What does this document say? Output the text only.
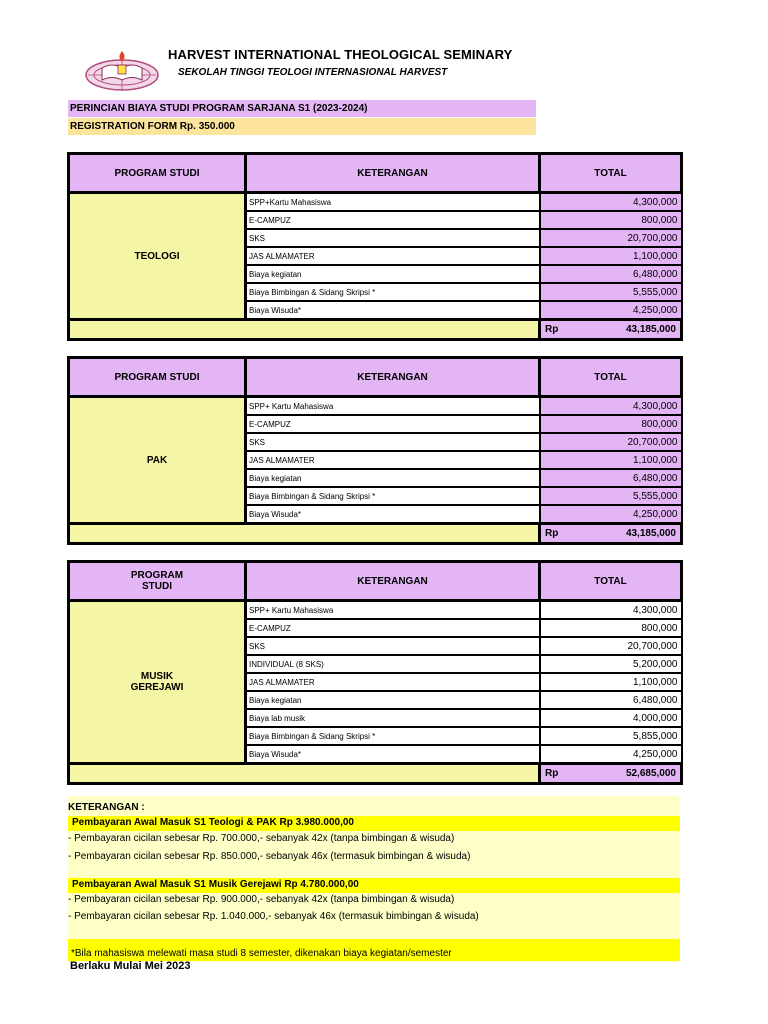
HARVEST INTERNATIONAL THEOLOGICAL SEMINARY
SEKOLAH TINGGI TEOLOGI INTERNASIONAL HARVEST
PERINCIAN BIAYA STUDI PROGRAM SARJANA S1 (2023-2024)
REGISTRATION FORM Rp. 350.000
PROGRAM STUDI	KETERANGAN	TOTAL
TEOLOGI	SPP+Kartu Mahasiswa	4,300,000
	E-CAMPUZ	800,000
	SKS	20,700,000
	JAS ALMAMATER	1,100,000
	Biaya kegiatan	6,480,000
	Biaya Bimbingan & Sidang Skripsi *	5,555,000
	Biaya Wisuda*	4,250,000

		Rp 43,185,000
PROGRAM STUDI	KETERANGAN	TOTAL
PAK	SPP+ Kartu Mahasiswa	4,300,000
	E-CAMPUZ	800,000
	SKS	20,700,000
	JAS ALMAMATER	1,100,000
	Biaya kegiatan	6,480,000
	Biaya Bimbingan & Sidang Skripsi *	5,555,000
	Biaya Wisuda*	4,250,000

		Rp 43,185,000
PROGRAM
STUDI	KETERANGAN	TOTAL

MUSIK
GEREJAWI	SPP+ Kartu Mahasiswa	4,300,000
	E-CAMPUZ	800,000
	SKS	20,700,000
	INDIVIDUAL (8 SKS)	5,200,000
	JAS ALMAMATER	1,100,000
	Biaya kegiatan	6,480,000
	Biaya lab musik	4,000,000
	Biaya Bimbingan & Sidang Skripsi *	5,855,000
	Biaya Wisuda*	4,250,000

		Rp 52,685,000
KETERANGAN :
Pembayaran Awal Masuk S1 Teologi & PAK Rp 3.980.000,00
- Pembayaran cicilan sebesar Rp. 700.000,- sebanyak 42x (tanpa bimbingan & wisuda)
- Pembayaran cicilan sebesar Rp. 850.000,- sebanyak 46x (termasuk bimbingan & wisuda)
Pembayaran Awal Masuk S1 Musik Gerejawi Rp 4.780.000,00
- Pembayaran cicilan sebesar Rp. 900.000,- sebanyak 42x (tanpa bimbingan & wisuda)
- Pembayaran cicilan sebesar Rp. 1.040.000,- sebanyak 46x (termasuk bimbingan & wisuda)
*Bila mahasiswa melewati masa studi 8 semester, dikenakan biaya kegiatan/semester
Berlaku Mulai Mei 2023
